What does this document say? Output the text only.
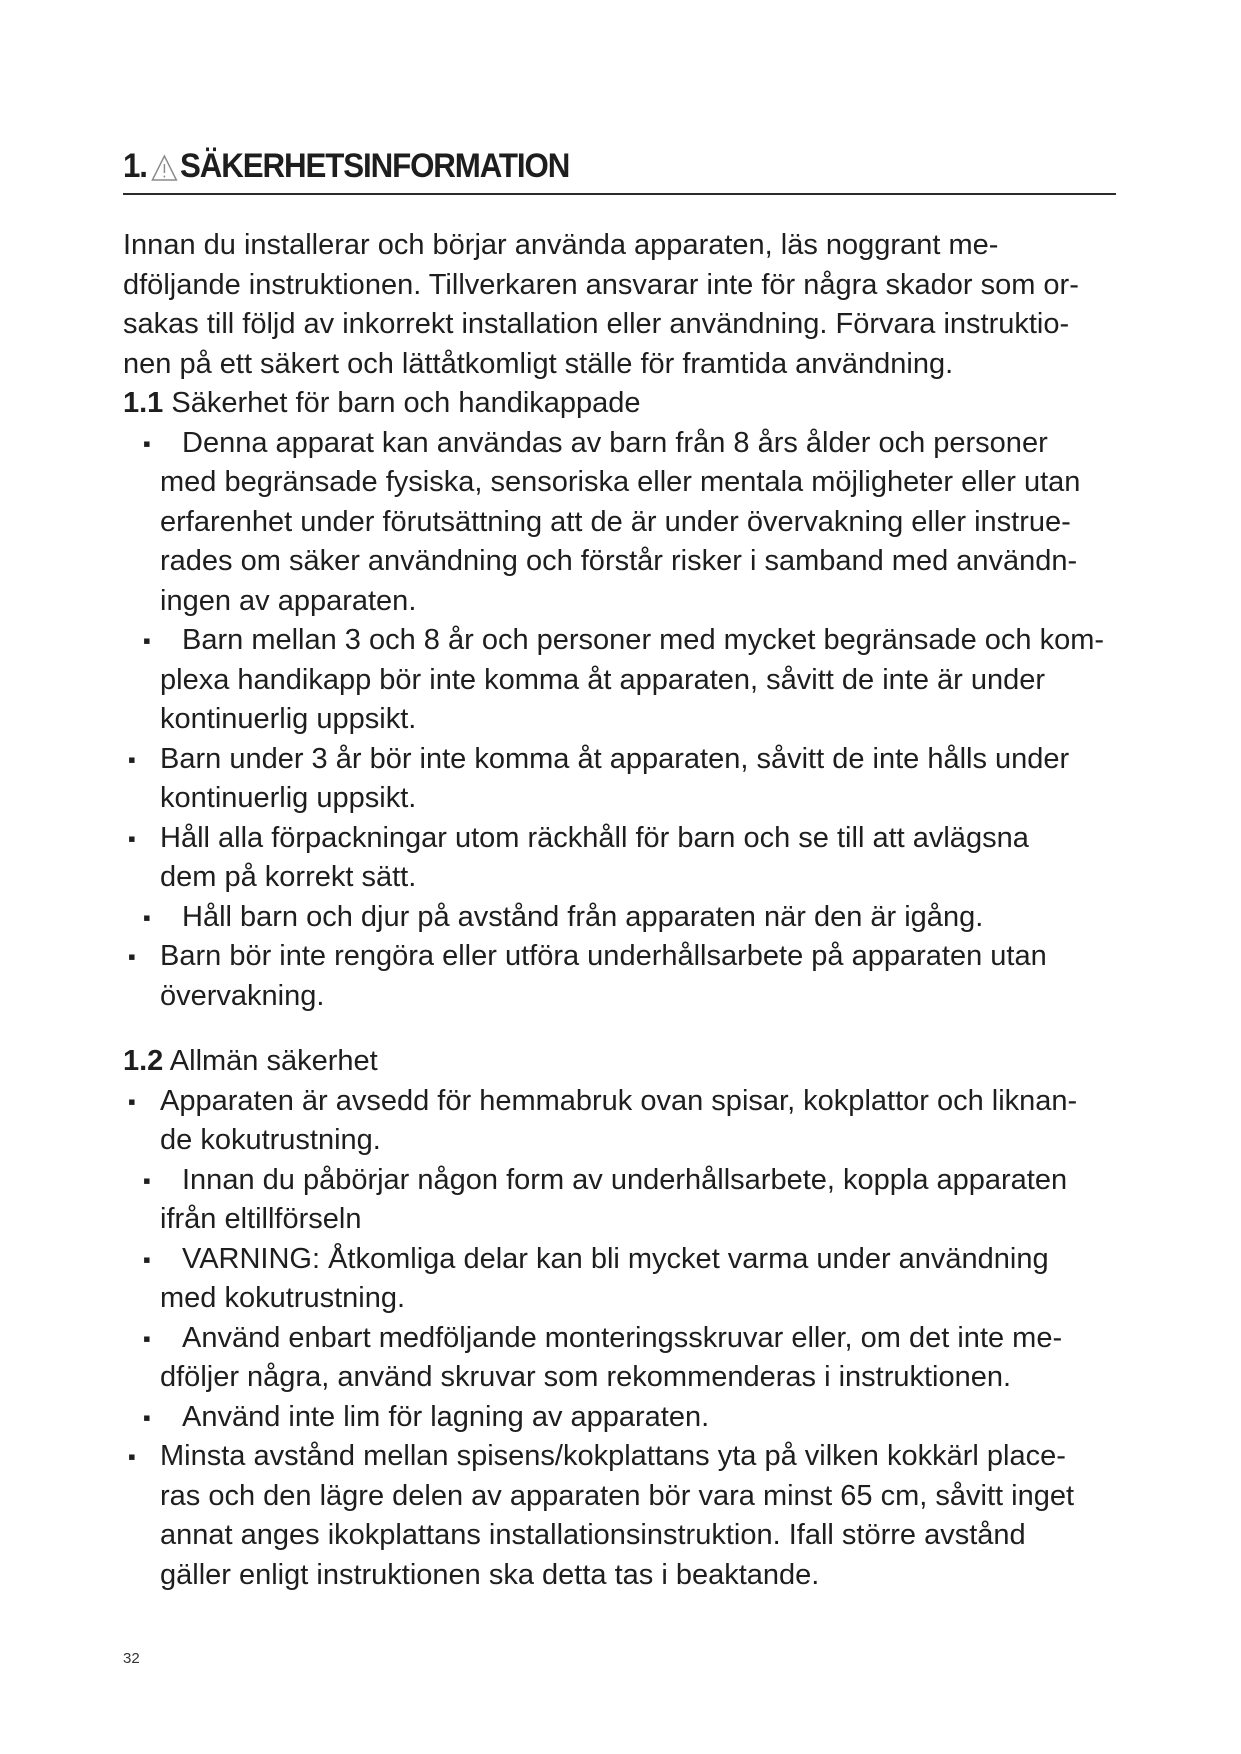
1. SÄKERHETSINFORMATION

Innan du installerar och börjar använda apparaten, läs noggrant me-
dföljande instruktionen. Tillverkaren ansvarar inte för några skador som or-
sakas till följd av inkorrekt installation eller användning. Förvara instruktio-
nen på ett säkert och lättåtkomligt ställe för framtida användning.

1.1 Säkerhet för barn och handikappade

▪	Denna apparat kan användas av barn från 8 års ålder och personer
med begränsade fysiska, sensoriska eller mentala möjligheter eller utan
erfarenhet under förutsättning att de är under övervakning eller instrue-
rades om säker användning och förstår risker i samband med användn-
ingen av apparaten.
▪	Barn mellan 3 och 8 år och personer med mycket begränsade och kom-
plexa handikapp bör inte komma åt apparaten, såvitt de inte är under
kontinuerlig uppsikt.
▪ Barn under 3 år bör inte komma åt apparaten, såvitt de inte hålls under
kontinuerlig uppsikt.
▪ Håll alla förpackningar utom räckhåll för barn och se till att avlägsna
dem på korrekt sätt.
▪	Håll barn och djur på avstånd från apparaten när den är igång.
▪ Barn bör inte rengöra eller utföra underhållsarbete på apparaten utan
övervakning.

1.2 Allmän säkerhet

▪ Apparaten är avsedd för hemmabruk ovan spisar, kokplattor och liknan-
de kokutrustning.
▪	Innan du påbörjar någon form av underhållsarbete, koppla apparaten
ifrån eltillförseln
▪	VARNING: Åtkomliga delar kan bli mycket varma under användning
med kokutrustning.
▪	Använd enbart medföljande monteringsskruvar eller, om det inte me-
dföljer några, använd skruvar som rekommenderas i instruktionen.
▪	Använd inte lim för lagning av apparaten.
▪ Minsta avstånd mellan spisens/kokplattans yta på vilken kokkärl place-
ras och den lägre delen av apparaten bör vara minst 65 cm, såvitt inget
annat anges ikokplattans installationsinstruktion. Ifall större avstånd
gäller enligt instruktionen ska detta tas i beaktande.
32
